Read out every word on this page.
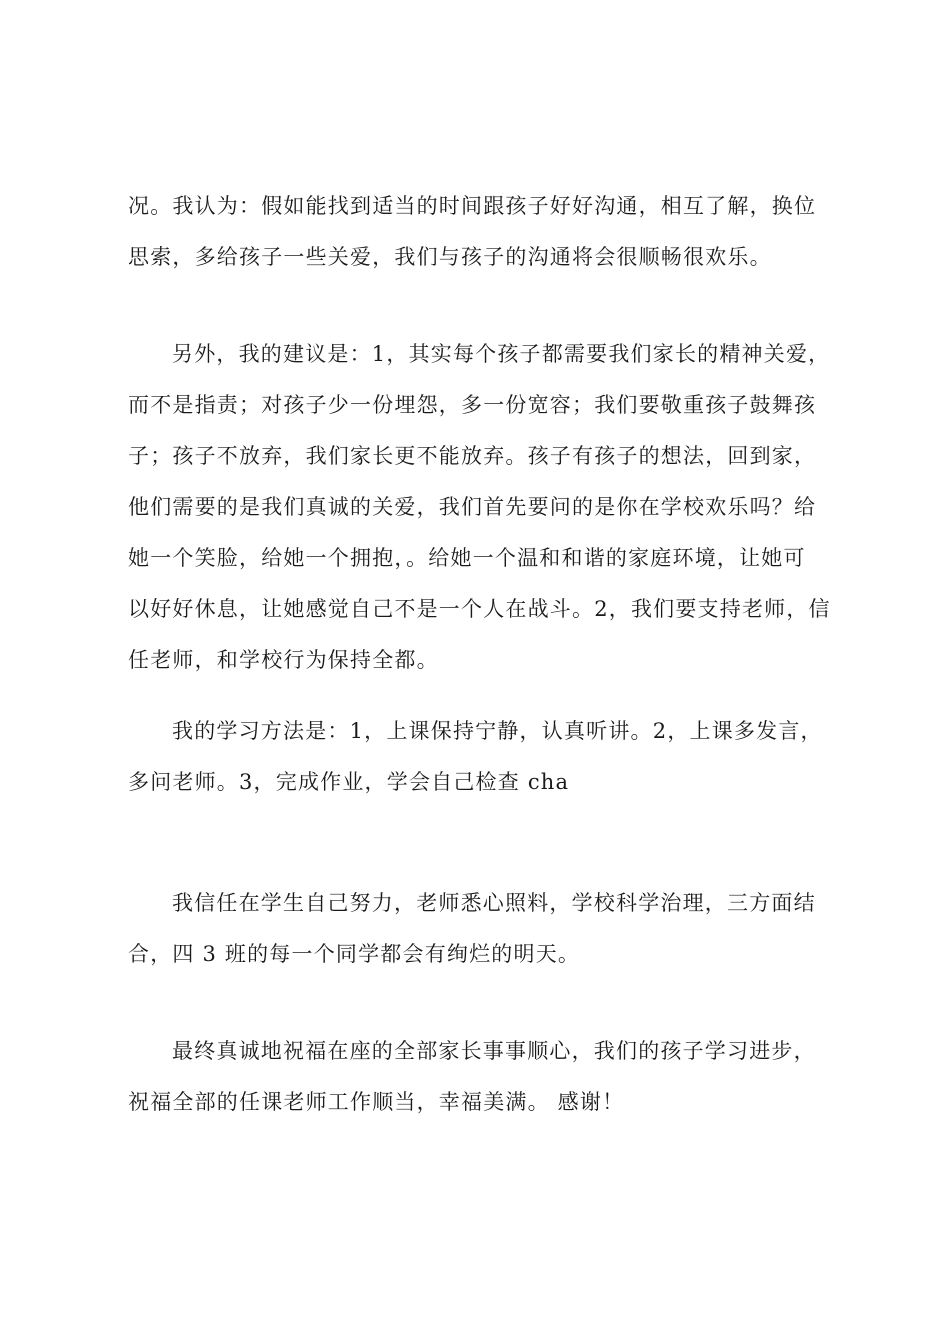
况。我认为：假如能找到适当的时间跟孩子好好沟通，相互了解，换位
思索，多给孩子一些关爱，我们与孩子的沟通将会很顺畅很欢乐。

另外，我的建议是：1，其实每个孩子都需要我们家长的精神关爱，
而不是指责；对孩子少一份埋怨，多一份宽容；我们要敬重孩子鼓舞孩
子；孩子不放弃，我们家长更不能放弃。孩子有孩子的想法，回到家，
他们需要的是我们真诚的关爱，我们首先要问的是你在学校欢乐吗？给
她一个笑脸，给她一个拥抱，。给她一个温和和谐的家庭环境，让她可
以好好休息，让她感觉自己不是一个人在战斗。2，我们要支持老师，信
任老师，和学校行为保持全都。

我的学习方法是：1，上课保持宁静，认真听讲。2，上课多发言，
多问老师。3，完成作业，学会自己检查 cha

我信任在学生自己努力，老师悉心照料，学校科学治理，三方面结
合，四 3 班的每一个同学都会有绚烂的明天。

最终真诚地祝福在座的全部家长事事顺心，我们的孩子学习进步，
祝福全部的任课老师工作顺当，幸福美满。 感谢！
